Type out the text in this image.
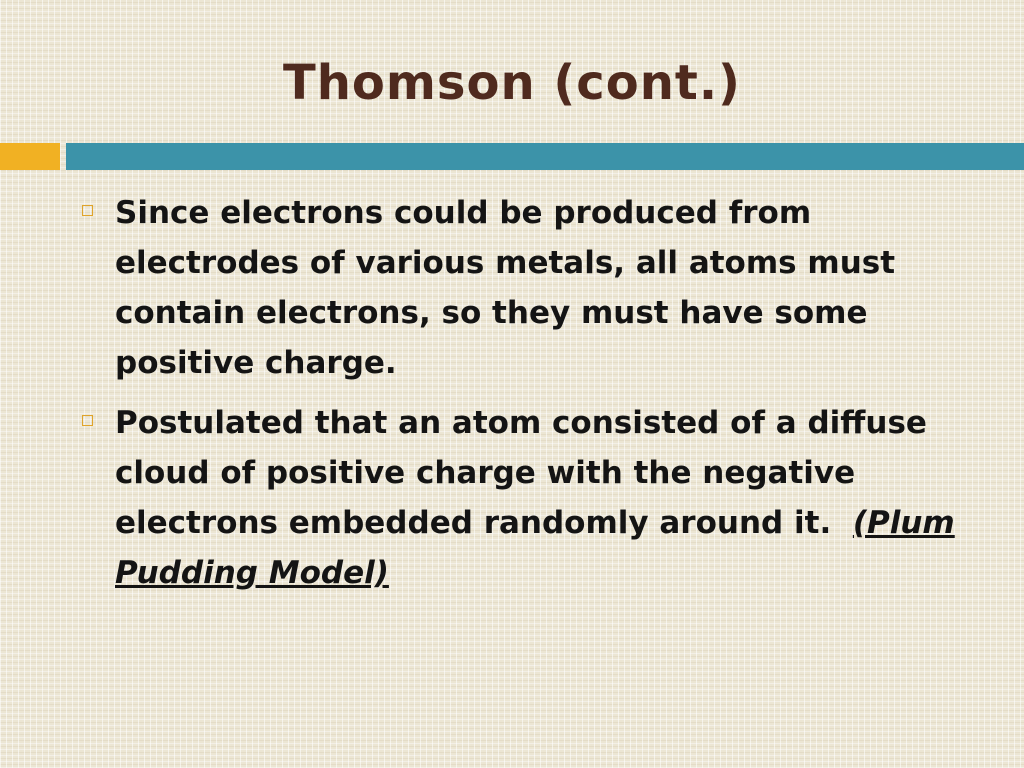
Thomson (cont.)
Since electrons could be produced from electrodes of various metals, all atoms must contain electrons, so they must have some positive charge.
Postulated that an atom consisted of a diffuse cloud of positive charge with the negative electrons embedded randomly around it. (Plum Pudding Model)
